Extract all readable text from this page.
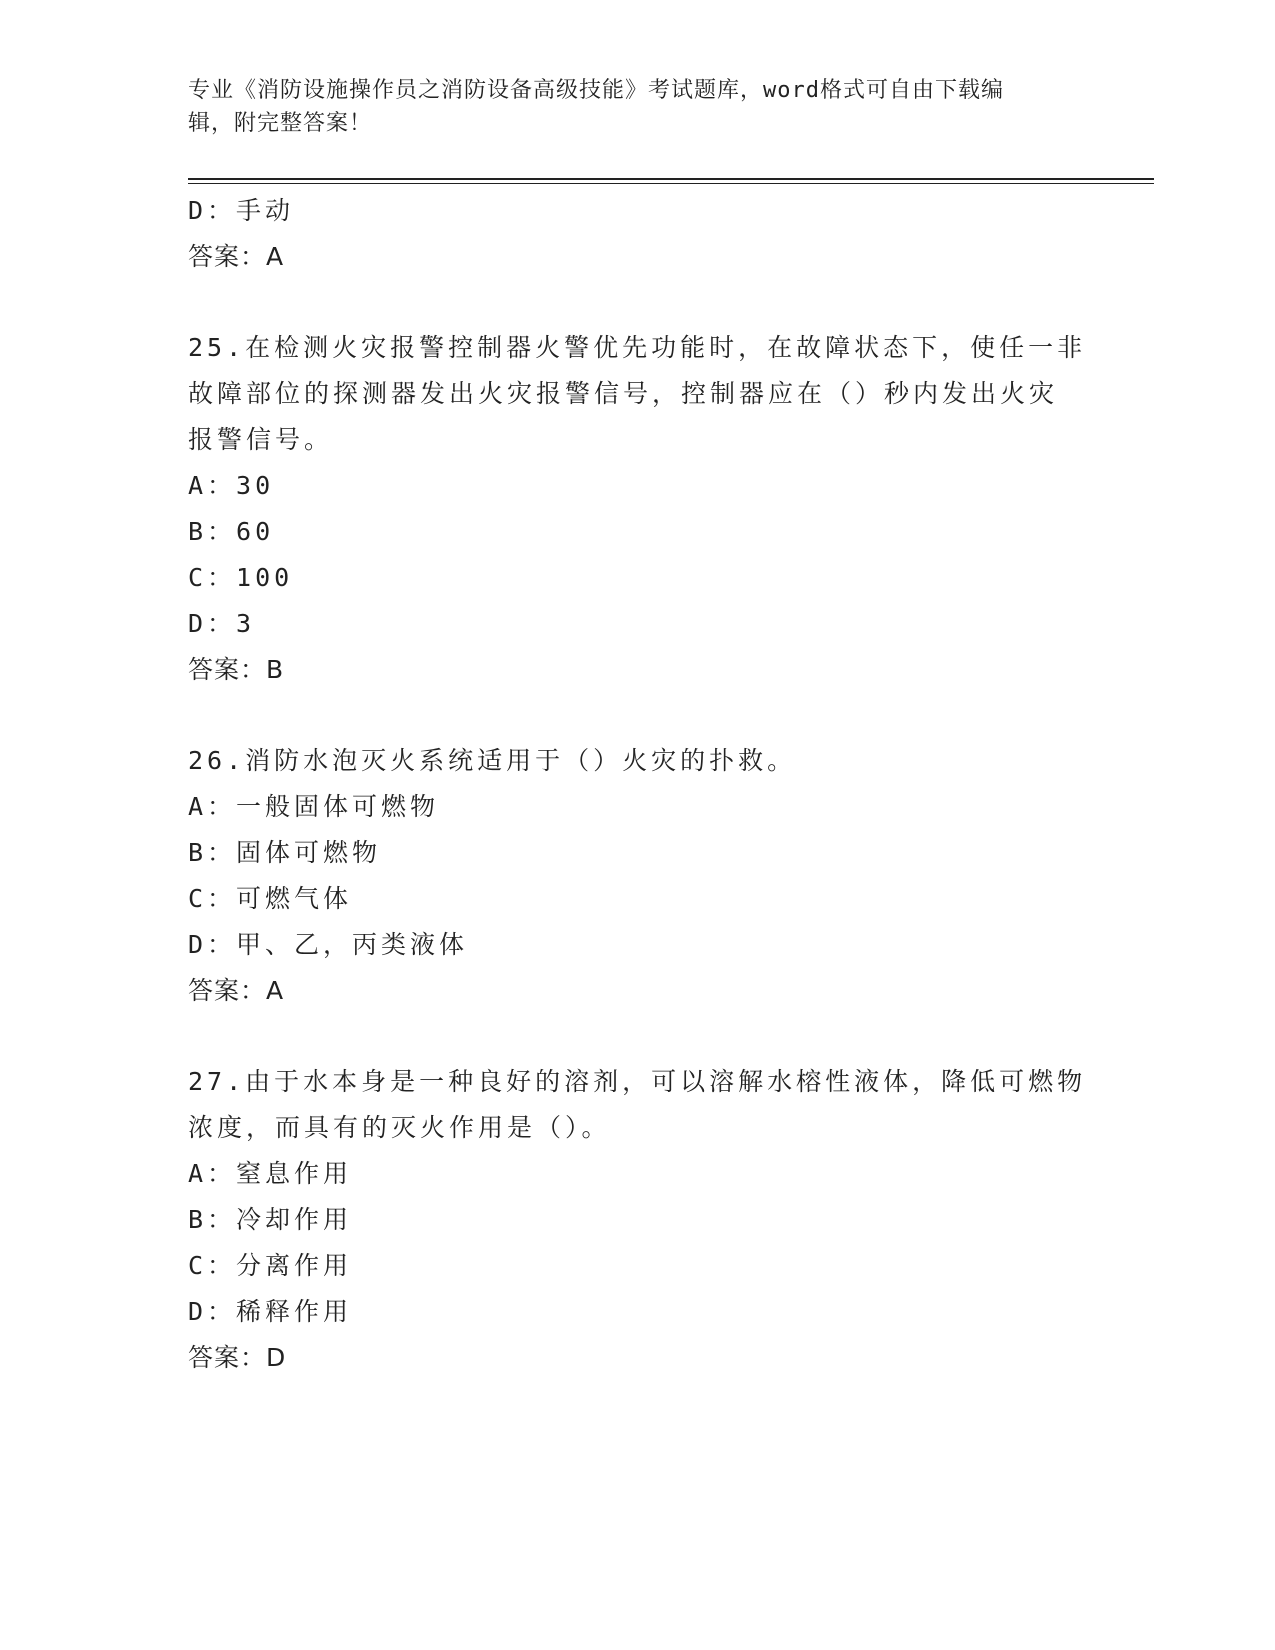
专业《消防设施操作员之消防设备高级技能》考试题库，word格式可自由下载编
辑，附完整答案！
D：手动
答案：A
25.在检测火灾报警控制器火警优先功能时，在故障状态下，使任一非
故障部位的探测器发出火灾报警信号，控制器应在（）秒内发出火灾
报警信号。
A：30
B：60
C：100
D：3
答案：B
26.消防水泡灭火系统适用于（）火灾的扑救。
A：一般固体可燃物
B：固体可燃物
C：可燃气体
D：甲、乙，丙类液体
答案：A
27.由于水本身是一种良好的溶剂，可以溶解水榕性液体，降低可燃物
浓度，而具有的灭火作用是（）。
A：窒息作用
B：冷却作用
C：分离作用
D：稀释作用
答案：D
